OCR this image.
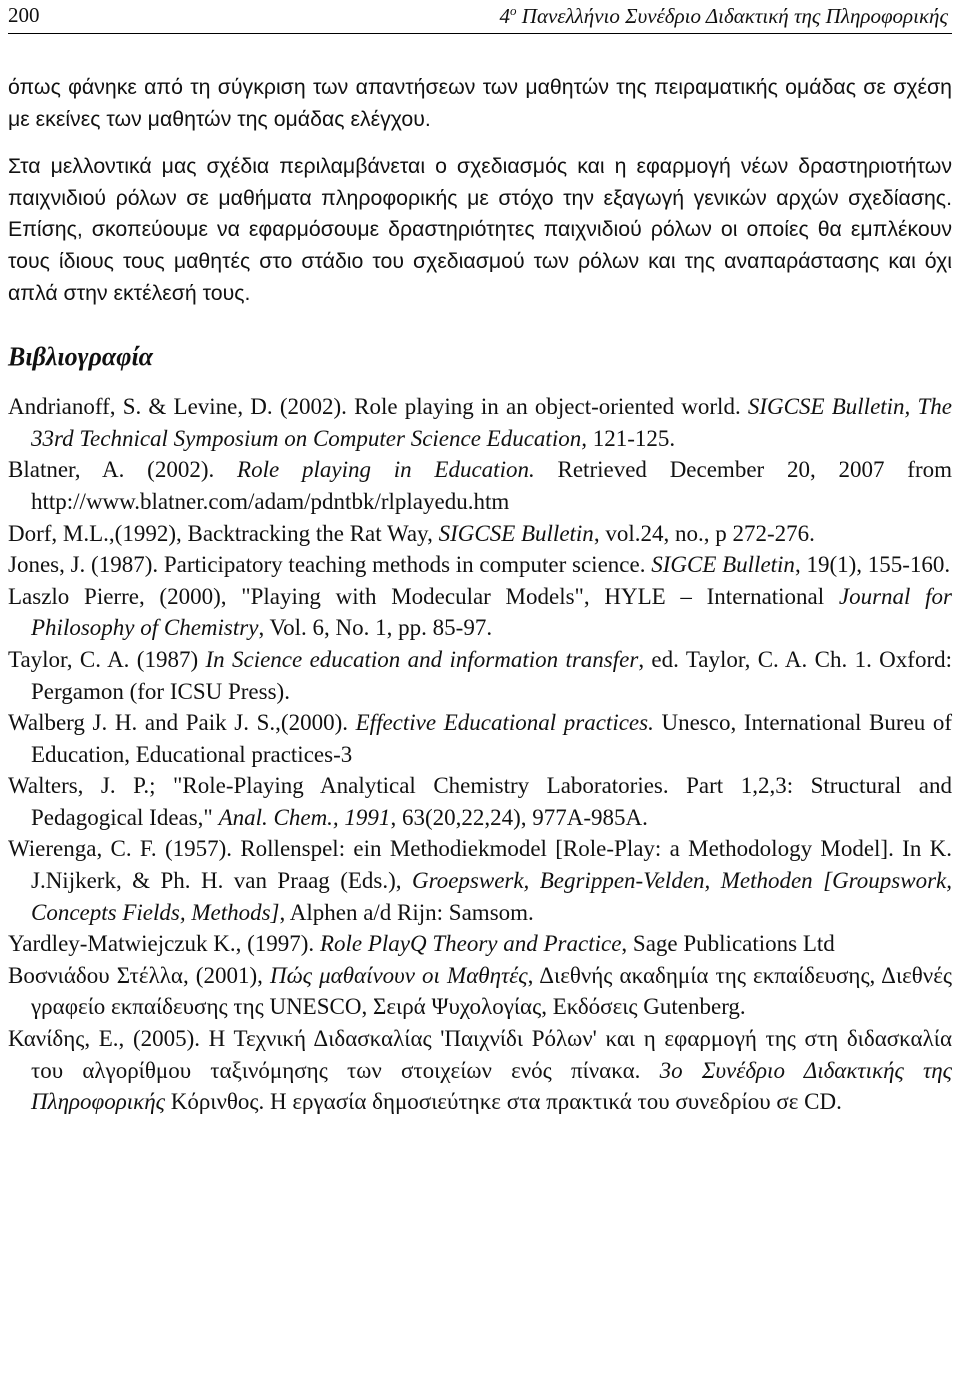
200	$4^o$ Πανελλήνιο Συνέδριο Διδακτική της Πληροφορικής

όπως φάνηκε από τη σύγκριση των απαντήσεων των μαθητών της πειραματικής ομάδας σε σχέση με εκείνες των μαθητών της ομάδας ελέγχου.

Στα μελλοντικά μας σχέδια περιλαμβάνεται ο σχεδιασμός και η εφαρμογή νέων δραστηριοτήτων παιχνιδιού ρόλων σε μαθήματα πληροφορικής με στόχο την εξαγωγή γενικών αρχών σχεδίασης. Επίσης, σκοπεύουμε να εφαρμόσουμε δραστηριότητες παιχνιδιού ρόλων οι οποίες θα εμπλέκουν τους ίδιους τους μαθητές στο στάδιο του σχεδιασμού των ρόλων και της αναπαράστασης και όχι απλά στην εκτέλεσή τους.

Βιβλιογραφία
Andrianoff, S. & Levine, D. (2002). Role playing in an object-oriented world. SIGCSE Bulletin, The 33rd Technical Symposium on Computer Science Education, 121-125.
Blatner, A. (2002). Role playing in Education. Retrieved December 20, 2007 from http://www.blatner.com/adam/pdntbk/rlplayedu.htm
Dorf, M.L.,(1992), Backtracking the Rat Way, SIGCSE Bulletin, vol.24, no., p 272-276.
Jones, J. (1987). Participatory teaching methods in computer science. SIGCE Bulletin, 19(1), 155-160.
Laszlo Pierre, (2000), "Playing with Modecular Models", HYLE – International Journal for Philosophy of Chemistry, Vol. 6, No. 1, pp. 85-97.
Taylor, C. A. (1987) In Science education and information transfer, ed. Taylor, C. A. Ch. 1. Oxford: Pergamon (for ICSU Press).
Walberg J. H. and Paik J. S.,(2000). Effective Educational practices. Unesco, International Bureu of Education, Educational practices-3
Walters, J. P.; "Role-Playing Analytical Chemistry Laboratories. Part 1,2,3: Structural and Pedagogical Ideas," Anal. Chem., 1991, 63(20,22,24), 977A-985A.
Wierenga, C. F. (1957). Rollenspel: ein Methodiekmodel [Role-Play: a Methodology Model]. In K. J.Nijkerk, & Ph. H. van Praag (Eds.), Groepswerk, Begrippen-Velden, Methoden [Groupswork, Concepts Fields, Methods], Alphen a/d Rijn: Samsom.
Yardley-Matwiejczuk K., (1997). Role PlayQ Theory and Practice, Sage Publications Ltd
Βοσνιάδου Στέλλα, (2001), Πώς μαθαίνουν οι Μαθητές, Διεθνής ακαδημία της εκπαίδευσης, Διεθνές γραφείο εκπαίδευσης της UNESCO, Σειρά Ψυχολογίας, Εκδόσεις Gutenberg.
Κανίδης, Ε., (2005). Η Τεχνική Διδασκαλίας 'Παιχνίδι Ρόλων' και η εφαρμογή της στη διδασκαλία του αλγορίθμου ταξινόμησης των στοιχείων ενός πίνακα. 3ο Συνέδριο Διδακτικής της Πληροφορικής Κόρινθος. Η εργασία δημοσιεύτηκε στα πρακτικά του συνεδρίου σε CD.
